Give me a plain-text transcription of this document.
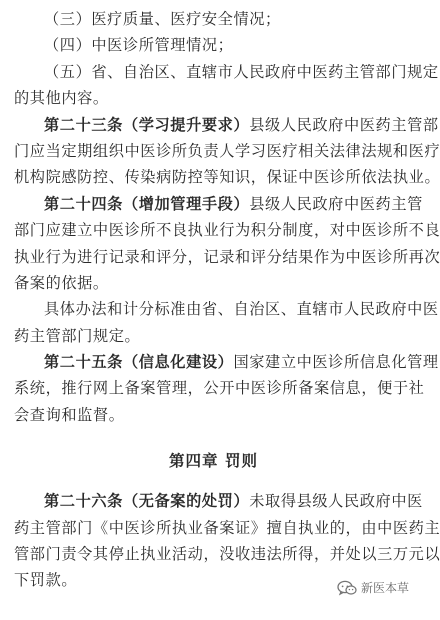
（三）医疗质量、医疗安全情况；
（四）中医诊所管理情况；
（五）省、自治区、直辖市人民政府中医药主管部门规定
的其他内容。
第二十三条（学习提升要求）县级人民政府中医药主管部
门应当定期组织中医诊所负责人学习医疗相关法律法规和医疗
机构院感防控、传染病防控等知识，保证中医诊所依法执业。
第二十四条（增加管理手段）县级人民政府中医药主管
部门应建立中医诊所不良执业行为积分制度，对中医诊所不良
执业行为进行记录和评分，记录和评分结果作为中医诊所再次
备案的依据。
具体办法和计分标准由省、自治区、直辖市人民政府中医
药主管部门规定。
第二十五条（信息化建设）国家建立中医诊所信息化管理
系统，推行网上备案管理，公开中医诊所备案信息，便于社
会查询和监督。
第四章 罚则
第二十六条（无备案的处罚）未取得县级人民政府中医
药主管部门《中医诊所执业备案证》擅自执业的，由中医药主
管部门责令其停止执业活动，没收违法所得，并处以三万元以
下罚款。	新医本草
